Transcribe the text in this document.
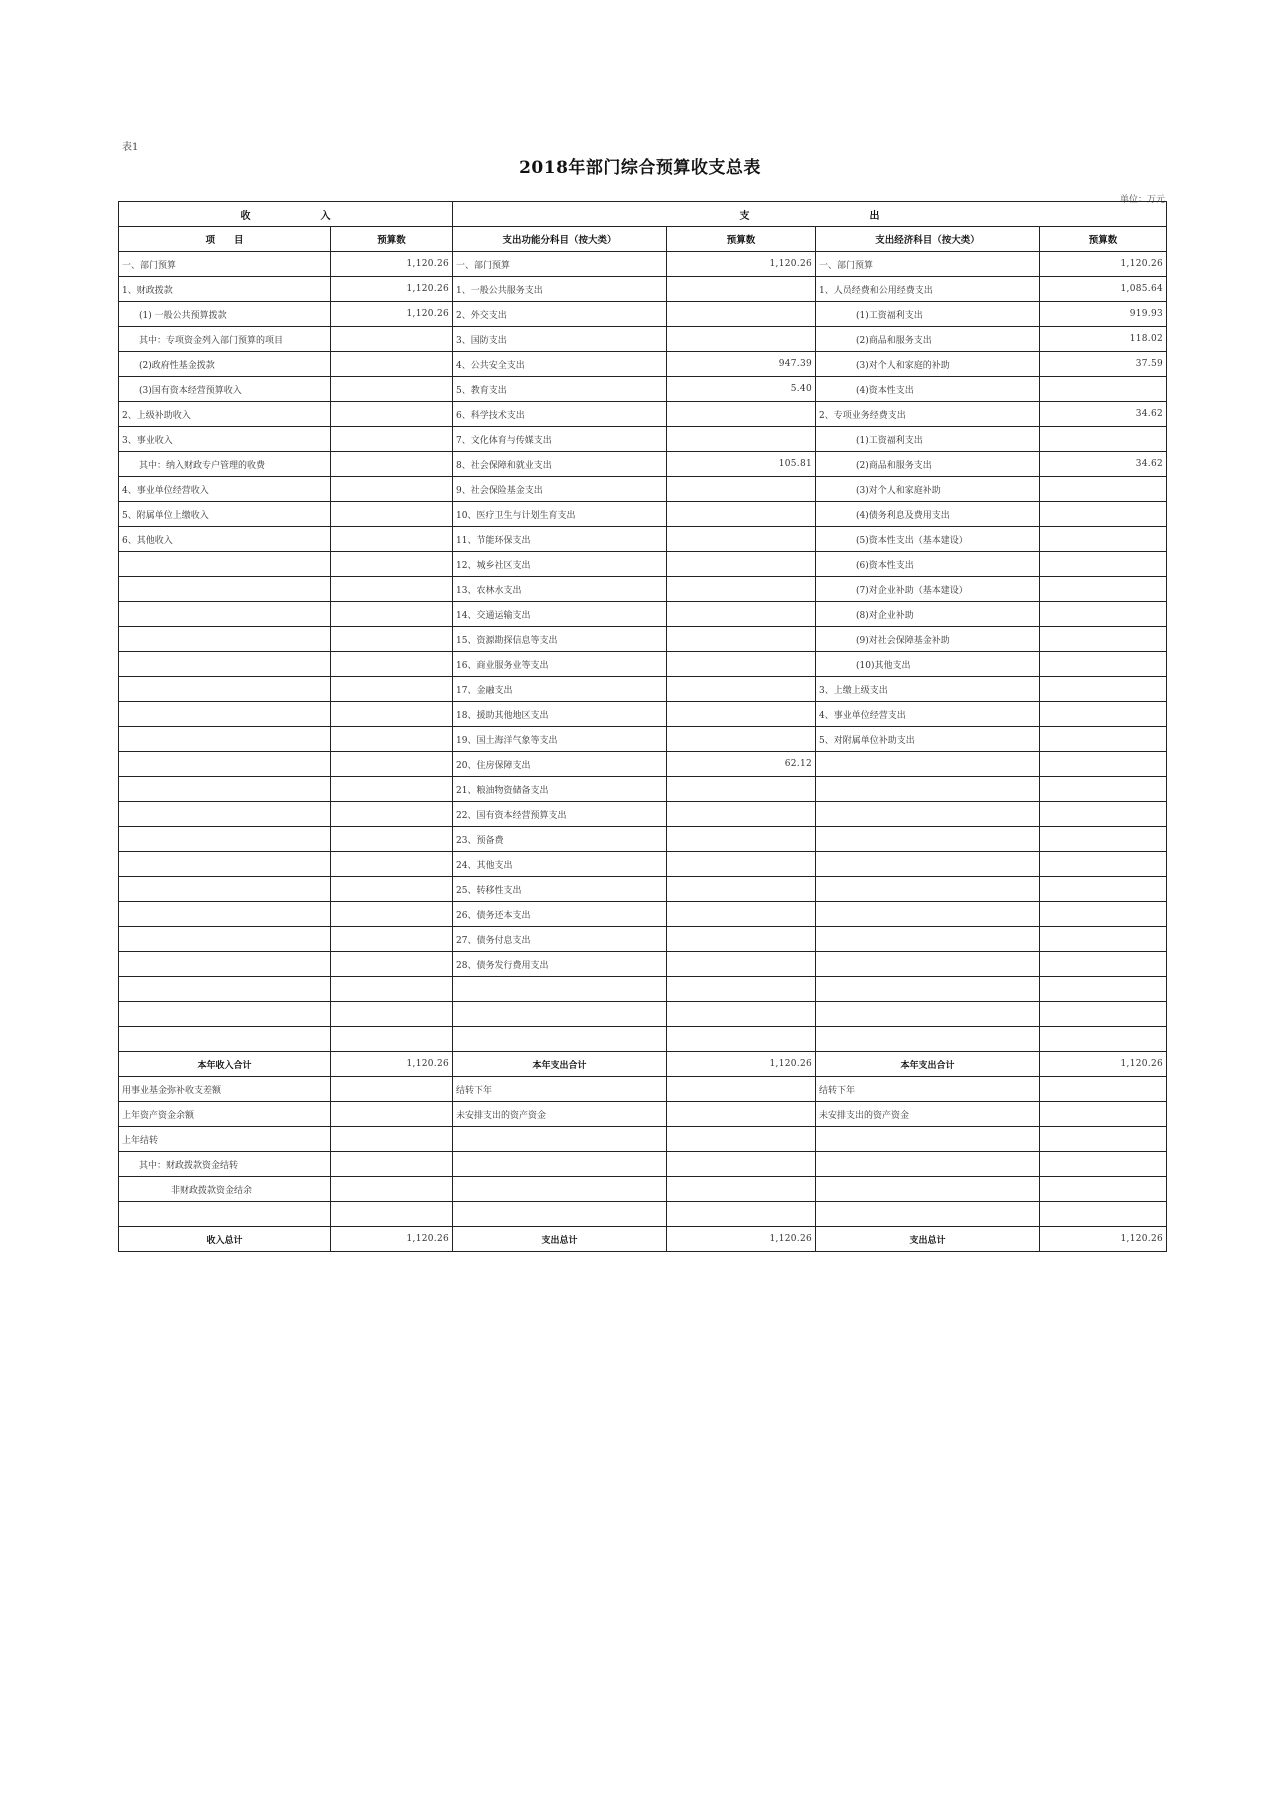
表1
2018年部门综合预算收支总表
单位：万元
收　　　　　　　入		支　　　　　　　　　　　　出			
项　　目	预算数	支出功能分科目（按大类）	预算数	支出经济科目（按大类）	预算数
一、部门预算	1,120.26	一、部门预算	1,120.26	一、部门预算	1,120.26
1、财政拨款	1,120.26	1、一般公共服务支出		1、人员经费和公用经费支出	1,085.64
(1) 一般公共预算拨款	1,120.26	2、外交支出		(1)工资福利支出	919.93
其中：专项资金列入部门预算的项目		3、国防支出		(2)商品和服务支出	118.02
(2)政府性基金拨款		4、公共安全支出	947.39	(3)对个人和家庭的补助	37.59
(3)国有资本经营预算收入		5、教育支出	5.40	(4)资本性支出	
2、上级补助收入		6、科学技术支出		2、专项业务经费支出	34.62
3、事业收入		7、文化体育与传媒支出		(1)工资福利支出	
其中：纳入财政专户管理的收费		8、社会保障和就业支出	105.81	(2)商品和服务支出	34.62
4、事业单位经营收入		9、社会保险基金支出		(3)对个人和家庭补助	
5、附属单位上缴收入		10、医疗卫生与计划生育支出		(4)债务利息及费用支出	
6、其他收入		11、节能环保支出		(5)资本性支出（基本建设）	
		12、城乡社区支出		(6)资本性支出	
		13、农林水支出		(7)对企业补助（基本建设）	
		14、交通运输支出		(8)对企业补助	
		15、资源勘探信息等支出		(9)对社会保障基金补助	
		16、商业服务业等支出		(10)其他支出	
		17、金融支出		3、上缴上级支出	
		18、援助其他地区支出		4、事业单位经营支出	
		19、国土海洋气象等支出		5、对附属单位补助支出	
		20、住房保障支出	62.12		
		21、粮油物资储备支出			
		22、国有资本经营预算支出			
		23、预备费			
		24、其他支出			
		25、转移性支出			
		26、债务还本支出			
		27、债务付息支出			
		28、债务发行费用支出			

本年收入合计	1,120.26	本年支出合计	1,120.26	本年支出合计	1,120.26
用事业基金弥补收支差额		结转下年		结转下年	
上年资产资金余额		未安排支出的资产资金		未安排支出的资产资金	
上年结转					
其中：财政拨款资金结转					
非财政拨款资金结余					

收入总计	1,120.26	支出总计	1,120.26	支出总计	1,120.26
